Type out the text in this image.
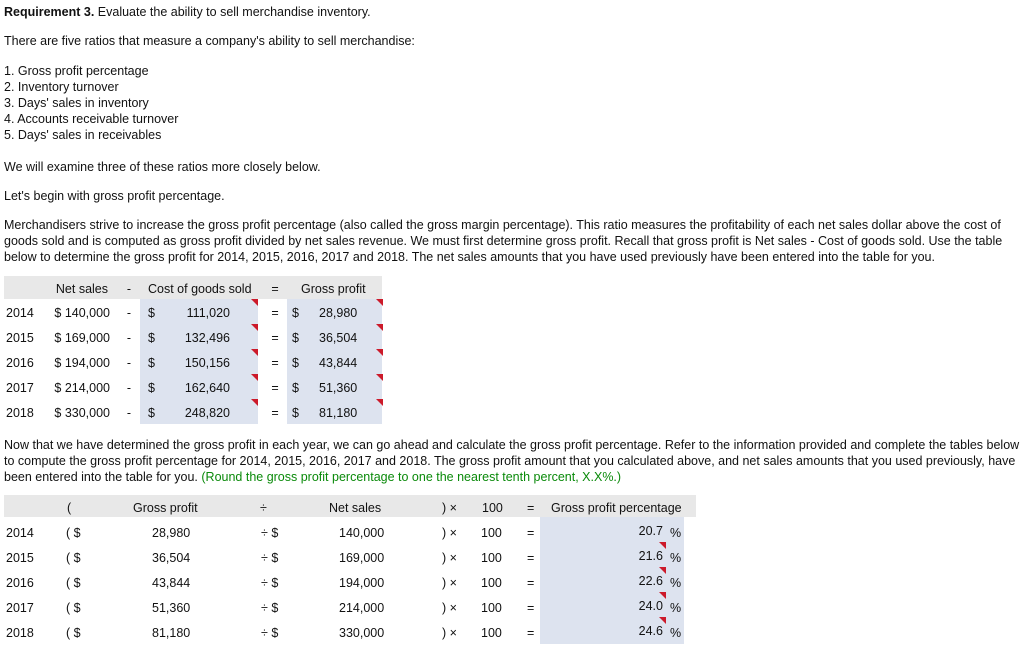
Requirement 3. Evaluate the ability to sell merchandise inventory.

There are five ratios that measure a company's ability to sell merchandise:

1. Gross profit percentage

2. Inventory turnover

3. Days' sales in inventory

4. Accounts receivable turnover

5. Days' sales in receivables

We will examine three of these ratios more closely below.

Let's begin with gross profit percentage.

Merchandisers strive to increase the gross profit percentage (also called the gross margin percentage). This ratio measures the profitability of each net sales dollar above the cost of goods sold and is computed as gross profit divided by net sales revenue. We must first determine gross profit. Recall that gross profit is Net sales - Cost of goods sold. Use the table below to determine the gross profit for 2014, 2015, 2016, 2017 and 2018. The net sales amounts that you have used previously have been entered into the table for you.

Net sales	-	Cost of goods sold = Gross profit
2014	$ 140,000	-	$	111,020	= $ 28,980
2015	$ 169,000	-	$	132,496	= $ 36,504
2016	$ 194,000	-	$	150,156	= $ 43,844
2017	$ 214,000	-	$	162,640	= $ 51,360
2018	$ 330,000	-	$	248,820	= $ 81,180

Now that we have determined the gross profit in each year, we can go ahead and calculate the gross profit percentage. Refer to the information provided and complete the tables below to compute the gross profit percentage for 2014, 2015, 2016, 2017 and 2018. The gross profit amount that you calculated above, and net sales amounts that you used previously, have been entered into the table for you. (Round the gross profit percentage to one the nearest tenth percent, X.X%.)

(	Gross profit	÷	Net sales	) × 100 = Gross profit percentage
2014	( $	28,980	÷ $	140,000	) × 100 =	20.7 %
2015	( $	36,504	÷ $	169,000	) × 100 =	21.6 %
2016	( $	43,844	÷ $	194,000	) × 100 =	22.6 %
2017	( $	51,360	÷ $	214,000	) × 100 =	24.0 %
2018	( $	81,180	÷ $	330,000	) × 100 =	24.6 %
